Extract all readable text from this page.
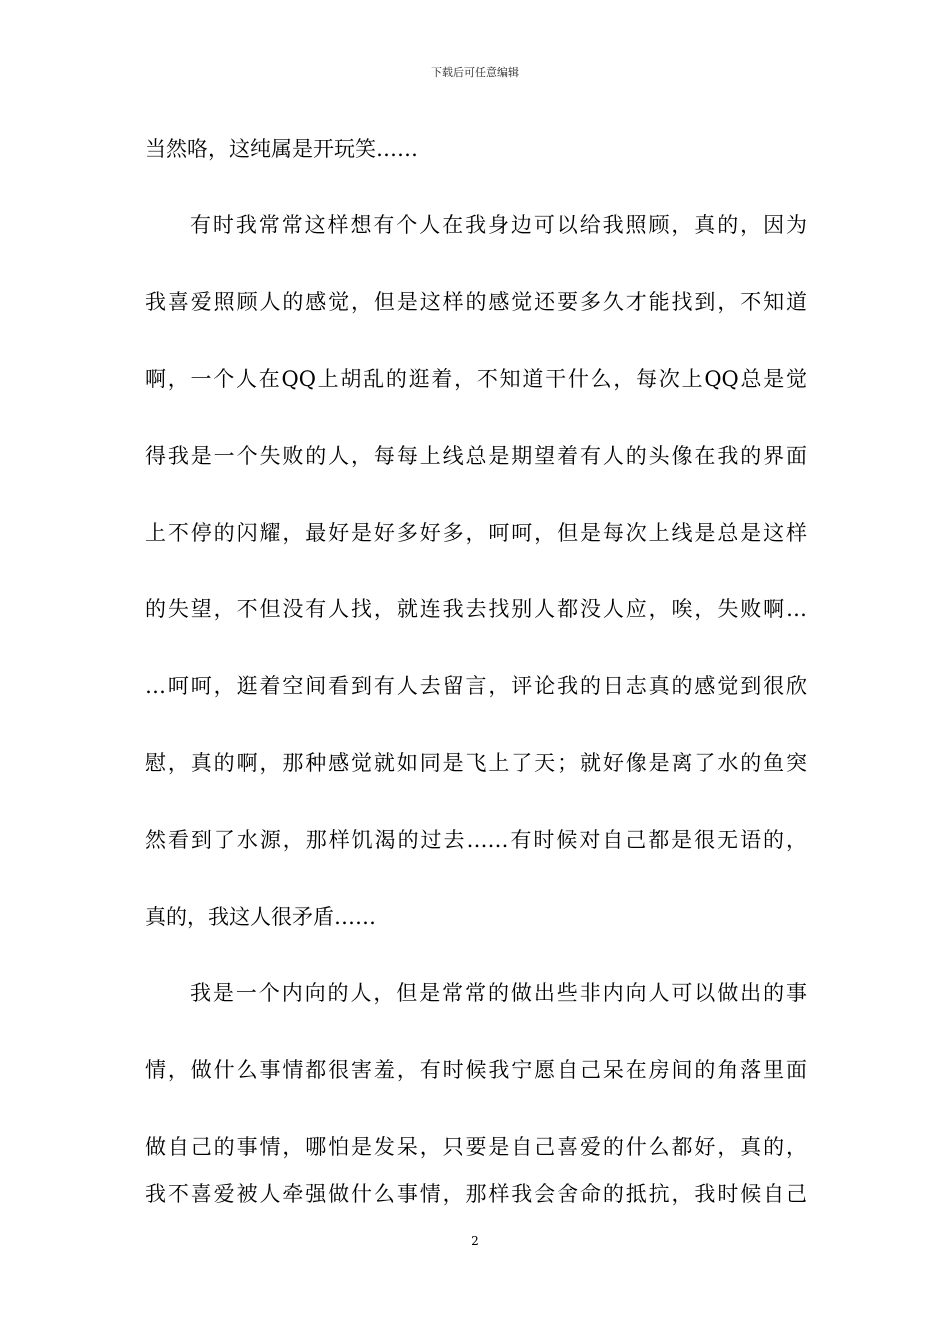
下载后可任意编辑
当然咯，这纯属是开玩笑……
有时我常常这样想有个人在我身边可以给我照顾，真的，因为
我喜爱照顾人的感觉，但是这样的感觉还要多久才能找到，不知道
啊，一个人在QQ上胡乱的逛着，不知道干什么，每次上QQ总是觉
得我是一个失败的人，每每上线总是期望着有人的头像在我的界面
上不停的闪耀，最好是好多好多，呵呵，但是每次上线是总是这样
的失望，不但没有人找，就连我去找别人都没人应，唉，失败啊…
…呵呵，逛着空间看到有人去留言，评论我的日志真的感觉到很欣
慰，真的啊，那种感觉就如同是飞上了天；就好像是离了水的鱼突
然看到了水源，那样饥渴的过去……有时候对自己都是很无语的，
真的，我这人很矛盾……
我是一个内向的人，但是常常的做出些非内向人可以做出的事
情，做什么事情都很害羞，有时候我宁愿自己呆在房间的角落里面
做自己的事情，哪怕是发呆，只要是自己喜爱的什么都好，真的，
我不喜爱被人牵强做什么事情，那样我会舍命的抵抗，我时候自己
2
